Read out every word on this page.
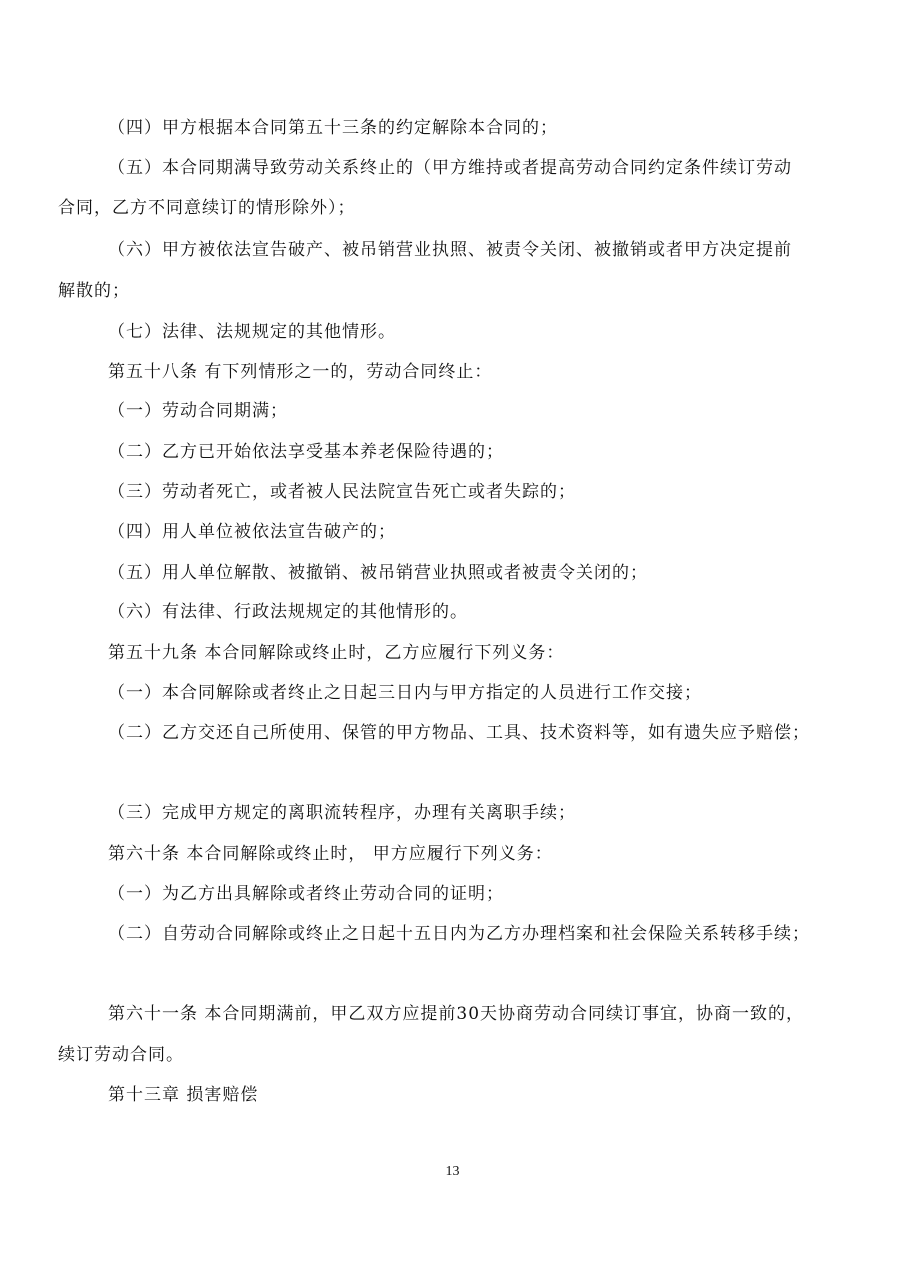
（四）甲方根据本合同第五十三条的约定解除本合同的；
（五）本合同期满导致劳动关系终止的（甲方维持或者提高劳动合同约定条件续订劳动
合同，乙方不同意续订的情形除外）；
（六）甲方被依法宣告破产、被吊销营业执照、被责令关闭、被撤销或者甲方决定提前
解散的；
（七）法律、法规规定的其他情形。
第五十八条 有下列情形之一的，劳动合同终止：
（一）劳动合同期满；
（二）乙方已开始依法享受基本养老保险待遇的；
（三）劳动者死亡，或者被人民法院宣告死亡或者失踪的；
（四）用人单位被依法宣告破产的；
（五）用人单位解散、被撤销、被吊销营业执照或者被责令关闭的；
（六）有法律、行政法规规定的其他情形的。
第五十九条 本合同解除或终止时，乙方应履行下列义务：
（一）本合同解除或者终止之日起三日内与甲方指定的人员进行工作交接；
（二）乙方交还自己所使用、保管的甲方物品、工具、技术资料等，如有遗失应予赔偿；
（三）完成甲方规定的离职流转程序，办理有关离职手续；
第六十条 本合同解除或终止时， 甲方应履行下列义务：
（一）为乙方出具解除或者终止劳动合同的证明；
（二）自劳动合同解除或终止之日起十五日内为乙方办理档案和社会保险关系转移手续；
第六十一条 本合同期满前，甲乙双方应提前30天协商劳动合同续订事宜，协商一致的，
续订劳动合同。
第十三章 损害赔偿
13
